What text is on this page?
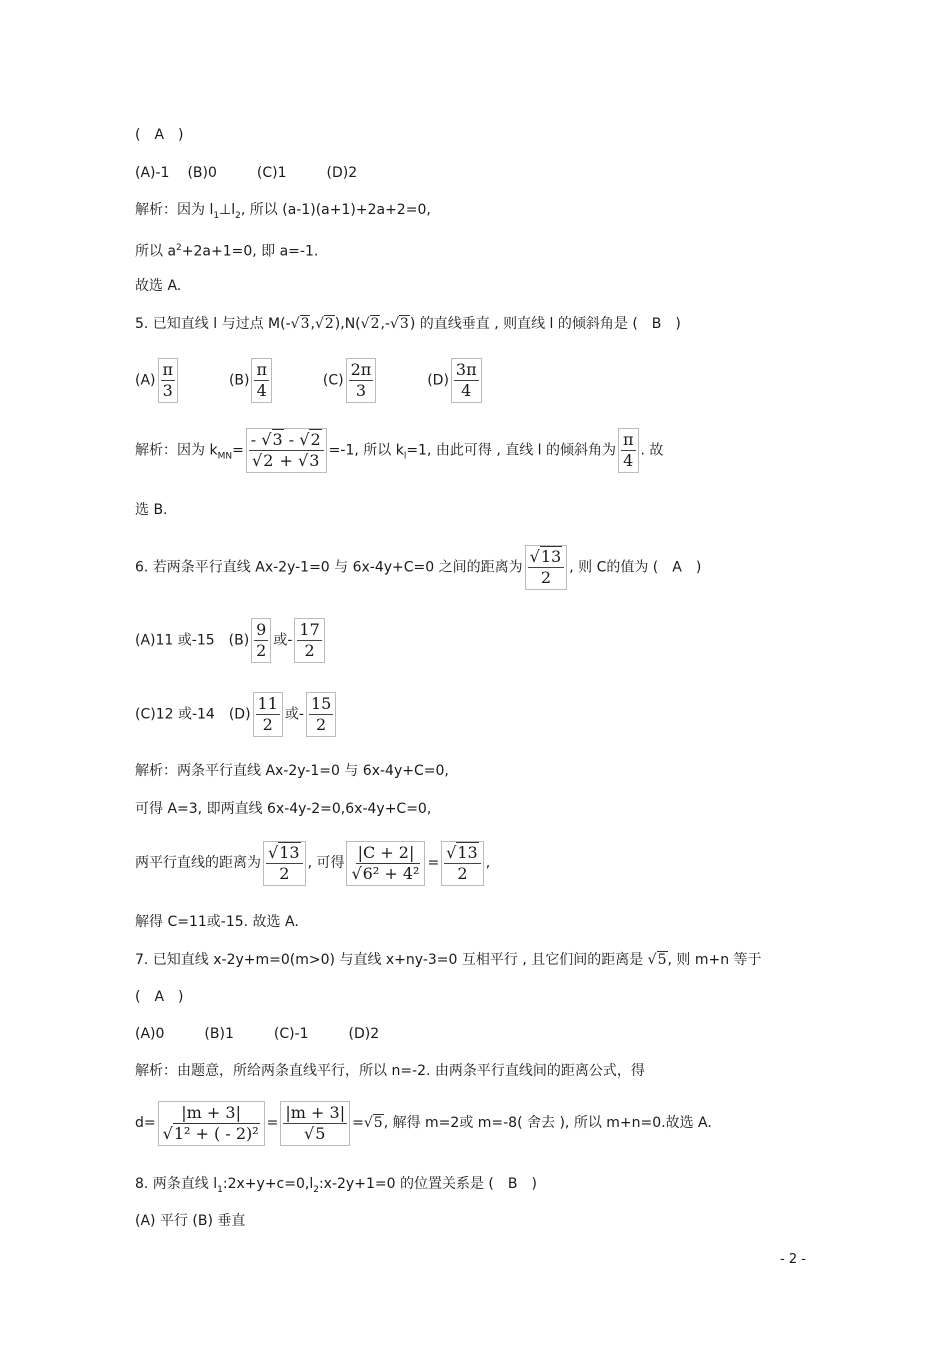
(　A　)
(A)-1 (B)0	(C)1	(D)2
解析：因为 $l_1\perp l_2$, 所以 (a-1)(a+1)+2a+2=0,
所以 $a^2+2a+1=0$, 即 a=-1.
故选 A.
5. 已知直线 l 与过点 M(-√3,√2),N(√2,-√3) 的直线垂直 , 则直线 l 的倾斜角是 (　B　)
$(A) \frac{\pi}{3}$	$(B) \frac{\pi}{4}$	$(C) \frac{2\pi}{3}$	$(D) \frac{3\pi}{4}$
解析：因为 $k_{MN}= \frac{- √3 - √2}{√2 + √3} =-1$, 所以 $k_l=1$, 由此可得 , 直线 l 的倾斜角为 $\frac{\pi}{4}$ . 故
选 B.
6. 若两条平行直线 Ax-2y-1=0 与 6x-4y+C=0 之间的距离为 $\frac{√13}{2}$ , 则 C的值为 (　A　)
(A)11 或-15　$(B) \frac{9}{2}$ 或- $\frac{17}{2}$
(C)12 或-14　$(D) \frac{11}{2}$ 或- $\frac{15}{2}$
解析：两条平行直线 Ax-2y-1=0 与 6x-4y+C=0,
可得 A=3, 即两直线 6x-4y-2=0,6x-4y+C=0,
两平行直线的距离为 $\frac{√13}{2}$ , 可得 $\frac{|C + 2|}{\text{√6² + 4²}} = \frac{√13}{2}$ ,
解得 C=11或-15. 故选 A.
7. 已知直线 x-2y+m=0(m>0) 与直线 x+ny-3=0 互相平行 , 且它们间的距离是 √5, 则 m+n 等于
(　A　)
(A)0	(B)1	(C)-1	(D)2
解析：由题意，所给两条直线平行，所以 n=-2. 由两条平行直线间的距离公式，得
$d= \frac{|m + 3|}{\text{√1² + ( - 2)²}} = \frac{|m + 3|}{√5} =√5$, 解得 m=2或 m=-8( 舍去 ), 所以 m+n=0.故选 A.
8. 两条直线 $l_1:2x+y+c=0,l_2:x-2y+1=0$ 的位置关系是 (　B　)
(A) 平行 (B) 垂直
- 2 -
